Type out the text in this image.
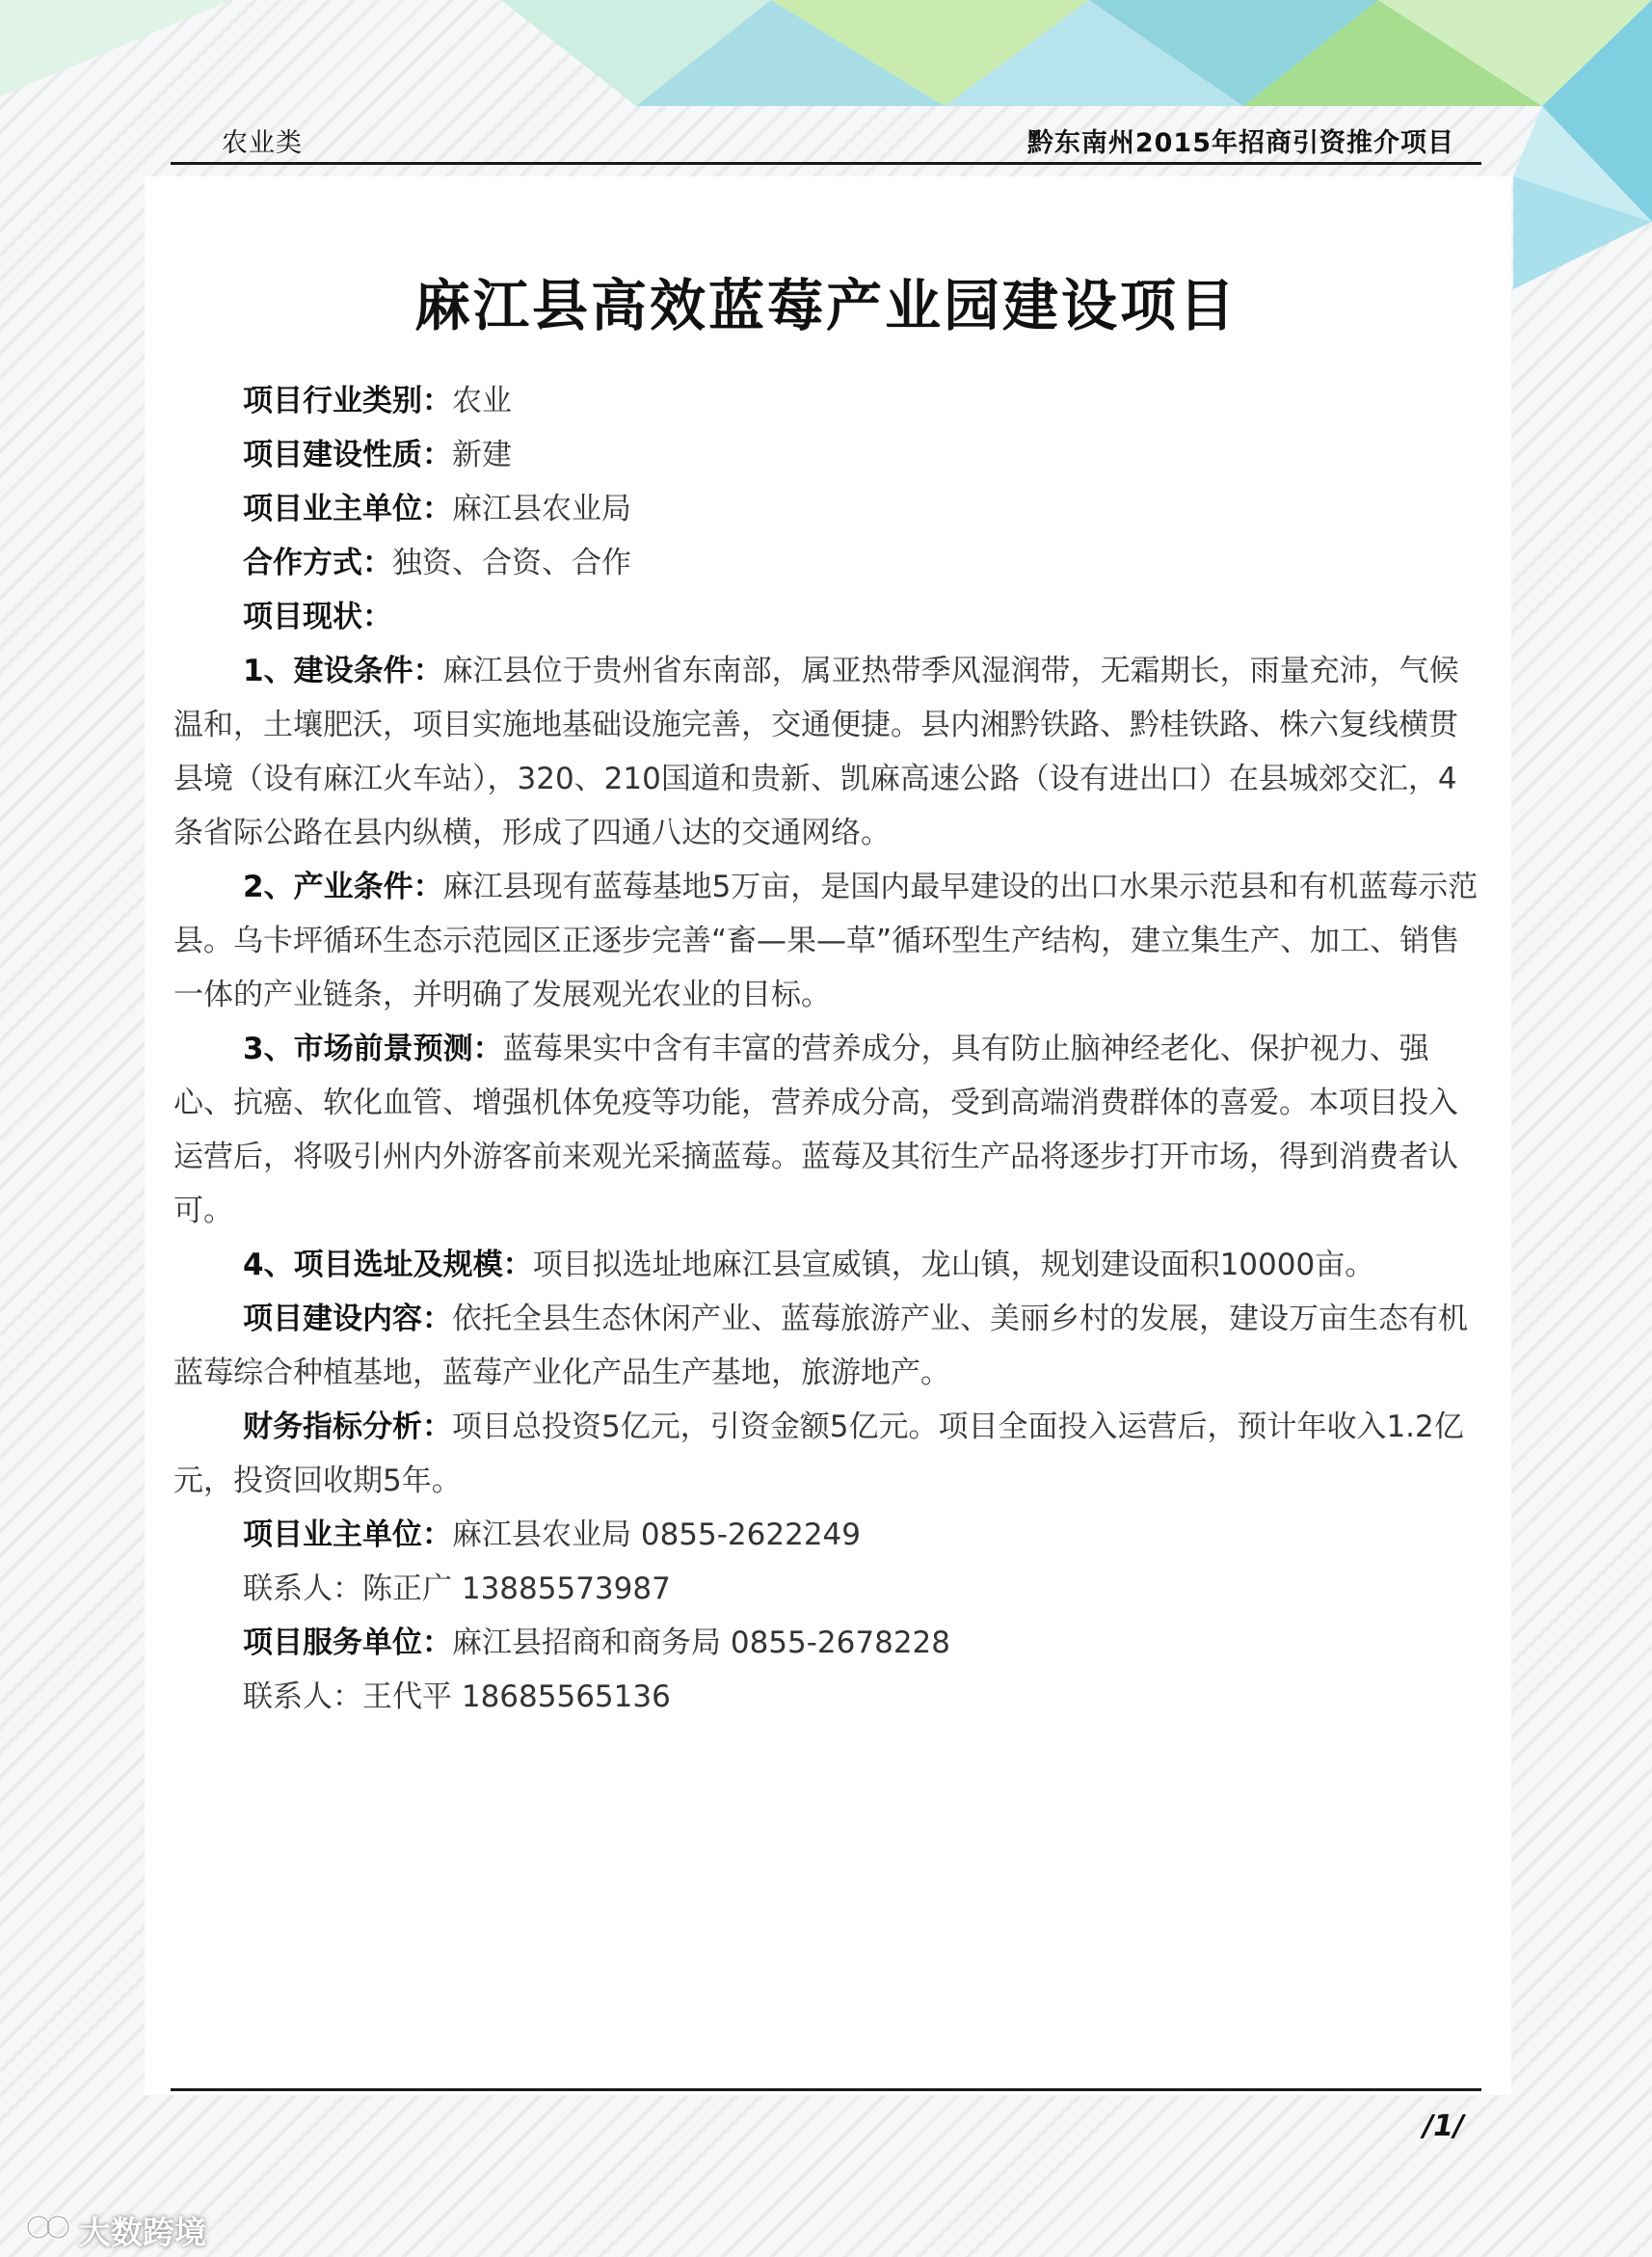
农业类	黔东南州2015年招商引资推介项目
麻江县高效蓝莓产业园建设项目

项目行业类别：农业

项目建设性质：新建

项目业主单位：麻江县农业局

合作方式：独资、合资、合作

项目现状：

1、建设条件：麻江县位于贵州省东南部，属亚热带季风湿润带，无霜期长，雨量充沛，气候温和，土壤肥沃，项目实施地基础设施完善，交通便捷。县内湘黔铁路、黔桂铁路、株六复线横贯县境（设有麻江火车站），320、210国道和贵新、凯麻高速公路（设有进出口）在县城郊交汇，4条省际公路在县内纵横，形成了四通八达的交通网络。

2、产业条件：麻江县现有蓝莓基地5万亩，是国内最早建设的出口水果示范县和有机蓝莓示范县。乌卡坪循环生态示范园区正逐步完善“畜—果—草”循环型生产结构，建立集生产、加工、销售一体的产业链条，并明确了发展观光农业的目标。

3、市场前景预测：蓝莓果实中含有丰富的营养成分，具有防止脑神经老化、保护视力、强心、抗癌、软化血管、增强机体免疫等功能，营养成分高，受到高端消费群体的喜爱。本项目投入运营后，将吸引州内外游客前来观光采摘蓝莓。蓝莓及其衍生产品将逐步打开市场，得到消费者认可。

4、项目选址及规模：项目拟选址地麻江县宣威镇，龙山镇，规划建设面积10000亩。

项目建设内容：依托全县生态休闲产业、蓝莓旅游产业、美丽乡村的发展，建设万亩生态有机蓝莓综合种植基地，蓝莓产业化产品生产基地，旅游地产。

财务指标分析：项目总投资5亿元，引资金额5亿元。项目全面投入运营后，预计年收入1.2亿元，投资回收期5年。

项目业主单位：麻江县农业局 0855-2622249

联系人：陈正广 13885573987

项目服务单位：麻江县招商和商务局 0855-2678228

联系人：王代平 18685565136

/1/
大数跨境
